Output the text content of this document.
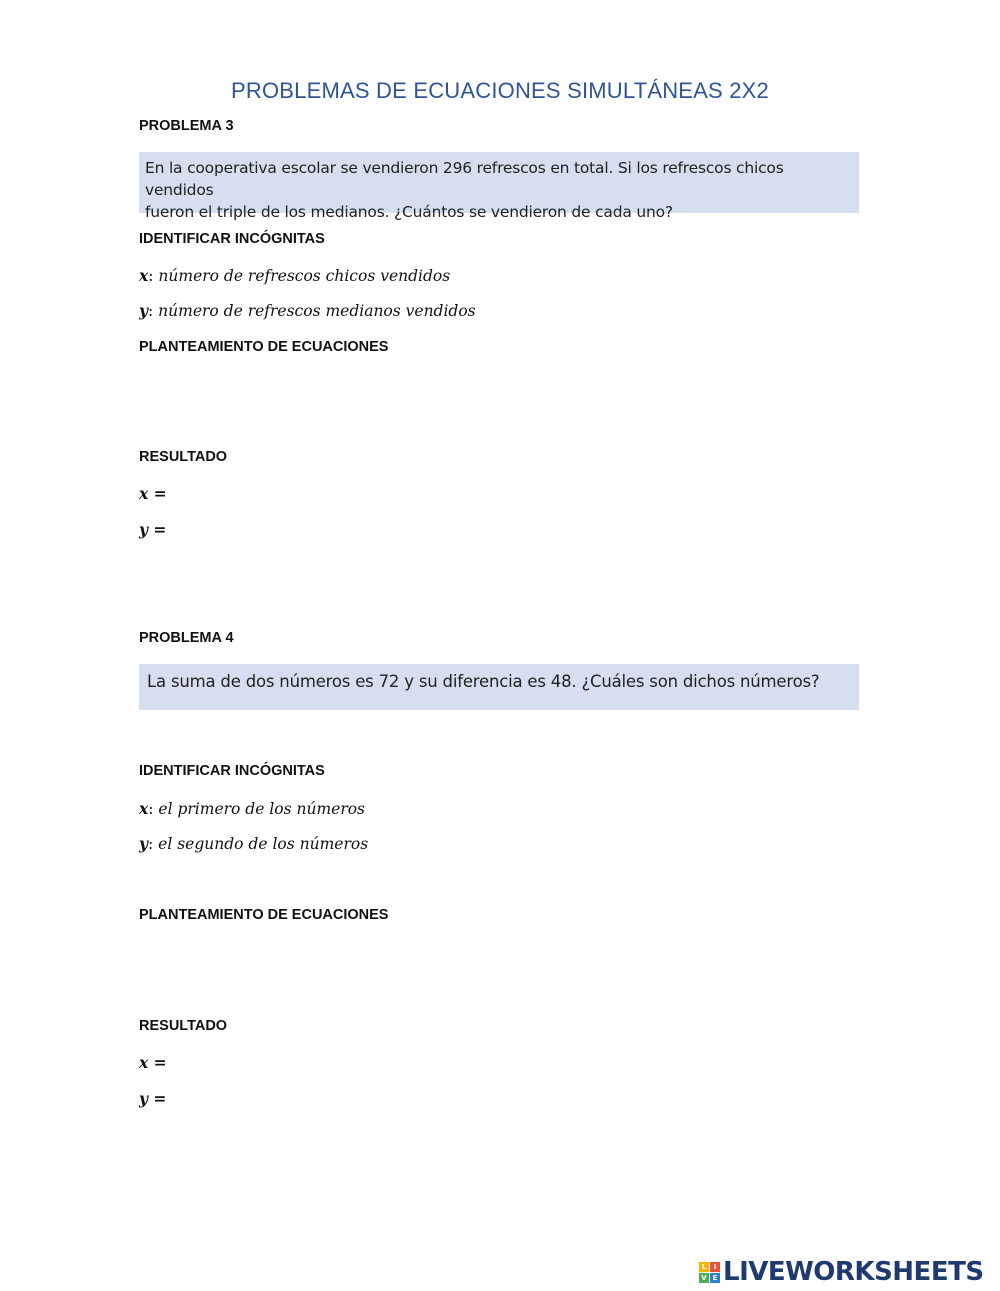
PROBLEMAS DE ECUACIONES SIMULTÁNEAS 2X2
PROBLEMA 3
En la cooperativa escolar se vendieron 296 refrescos en total. Si los refrescos chicos vendidos
fueron el triple de los medianos. ¿Cuántos se vendieron de cada uno?
IDENTIFICAR INCÓGNITAS
x: número de refrescos chicos vendidos
y: número de refrescos medianos vendidos
PLANTEAMIENTO DE ECUACIONES
RESULTADO
x =
y =
PROBLEMA 4
La suma de dos números es 72 y su diferencia es 48. ¿Cuáles son dichos números?
IDENTIFICAR INCÓGNITAS
x: el primero de los números
y: el segundo de los números
PLANTEAMIENTO DE ECUACIONES
RESULTADO
x =
y =
L	I
V E LIVEWORKSHEETS
